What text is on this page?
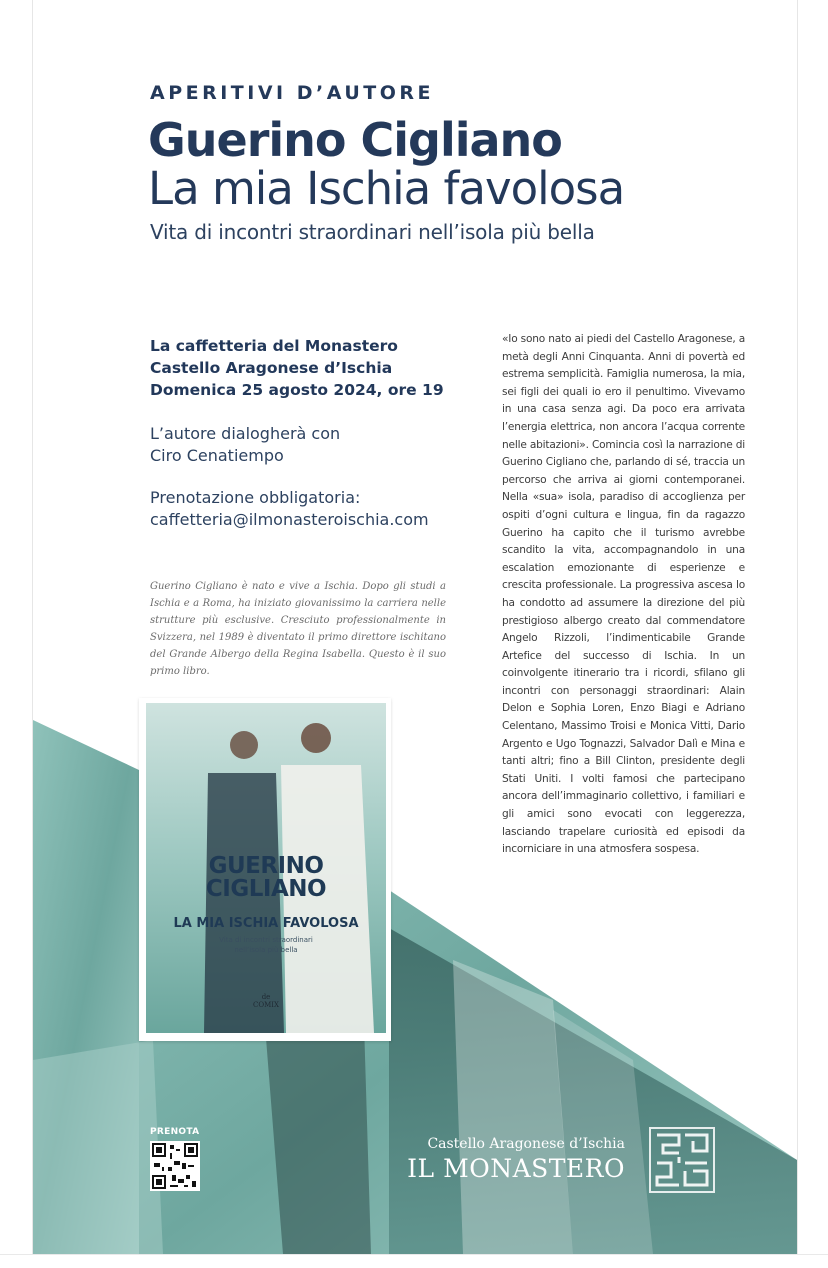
APERITIVI D’AUTORE

Guerino Cigliano

La mia Ischia favolosa

Vita di incontri straordinari nell’isola più bella

La caffetteria del Monastero

Castello Aragonese d’Ischia

Domenica 25 agosto 2024, ore 19

L’autore dialogherà con
Ciro Cenatiempo
Prenotazione obbligatoria:
caffetteria@ilmonasteroischia.com

Guerino Cigliano è nato e vive a Ischia. Dopo gli studi a Ischia e a Roma, ha iniziato giovanissimo la carriera nelle strutture più esclusive. Cresciuto professionalmente in Svizzera, nel 1989 è diventato il primo direttore ischitano del Grande Albergo della Regina Isabella. Questo è il suo primo libro.

«Io sono nato ai piedi del Castello Aragonese, a metà degli Anni Cinquanta. Anni di povertà ed estrema semplicità. Famiglia numerosa, la mia, sei figli dei quali io ero il penultimo. Vivevamo in una casa senza agi. Da poco era arrivata l’energia elettrica, non ancora l’acqua corrente nelle abitazioni». Comincia così la narrazione di Guerino Cigliano che, parlando di sé, traccia un percorso che arriva ai giorni contemporanei. Nella «sua» isola, paradiso di accoglienza per ospiti d’ogni cultura e lingua, fin da ragazzo Guerino ha capito che il turismo avrebbe scandito la vita, accompagnandolo in una escalation emozionante di esperienze e crescita professionale. La progressiva ascesa lo ha condotto ad assumere la direzione del più prestigioso albergo creato dal commendatore Angelo Rizzoli, l’indimenticabile Grande Artefice del successo di Ischia. In un coinvolgente itinerario tra i ricordi, sfilano gli incontri con personaggi straordinari: Alain Delon e Sophia Loren, Enzo Biagi e Adriano Celentano, Massimo Troisi e Monica Vitti, Dario Argento e Ugo Tognazzi, Salvador Dalì e Mina e tanti altri; fino a Bill Clinton, presidente degli Stati Uniti. I volti famosi che partecipano ancora dell’immaginario collettivo, i familiari e gli amici sono evocati con leggerezza, lasciando trapelare curiosità ed episodi da incorniciare in una atmosfera sospesa.
GUERINO
CIGLIANO
LA MIA ISCHIA FAVOLOSA
Vita di incontri straordinari
nell’isola più bella
de COMIX
PRENOTA
Castello Aragonese d’Ischia
IL MONASTERO
